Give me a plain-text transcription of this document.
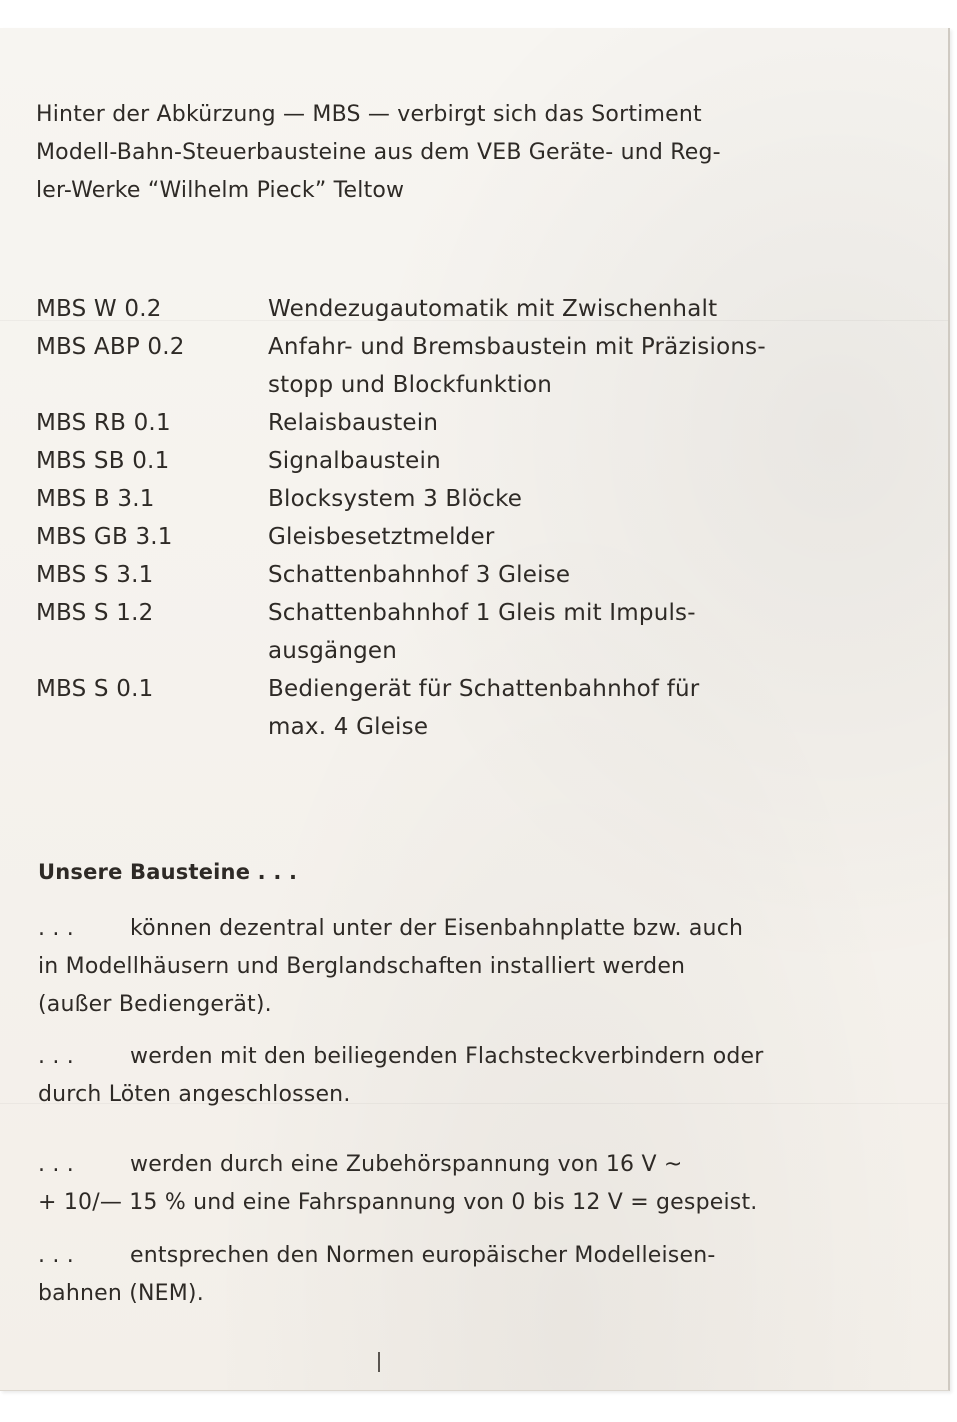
Hinter der Abkürzung — MBS — verbirgt sich das Sortiment
Modell-Bahn-Steuerbausteine aus dem VEB Geräte- und Reg-
ler-Werke “Wilhelm Pieck” Teltow
MBS W 0.2	Wendezugautomatik mit Zwischenhalt
MBS ABP 0.2	Anfahr- und Bremsbaustein mit Präzisions-
stopp und Blockfunktion
MBS RB 0.1	Relaisbaustein
MBS SB 0.1	Signalbaustein
MBS B 3.1	Blocksystem 3 Blöcke
MBS GB 3.1	Gleisbesetztmelder
MBS S 3.1	Schattenbahnhof 3 Gleise
MBS S 1.2	Schattenbahnhof 1 Gleis mit Impuls-
ausgängen
MBS S 0.1	Bediengerät für Schattenbahnhof für
max. 4 Gleise
Unsere Bausteine . . .
. . .	können dezentral unter der Eisenbahnplatte bzw. auch
in Modellhäusern und Berglandschaften installiert werden
(außer Bediengerät).
. . .	werden mit den beiliegenden Flachsteckverbindern oder
durch Löten angeschlossen.
. . .	werden durch eine Zubehörspannung von 16 V ~
+ 10/— 15 % und eine Fahrspannung von 0 bis 12 V = gespeist.
. . .	entsprechen den Normen europäischer Modelleisen-
bahnen (NEM).
